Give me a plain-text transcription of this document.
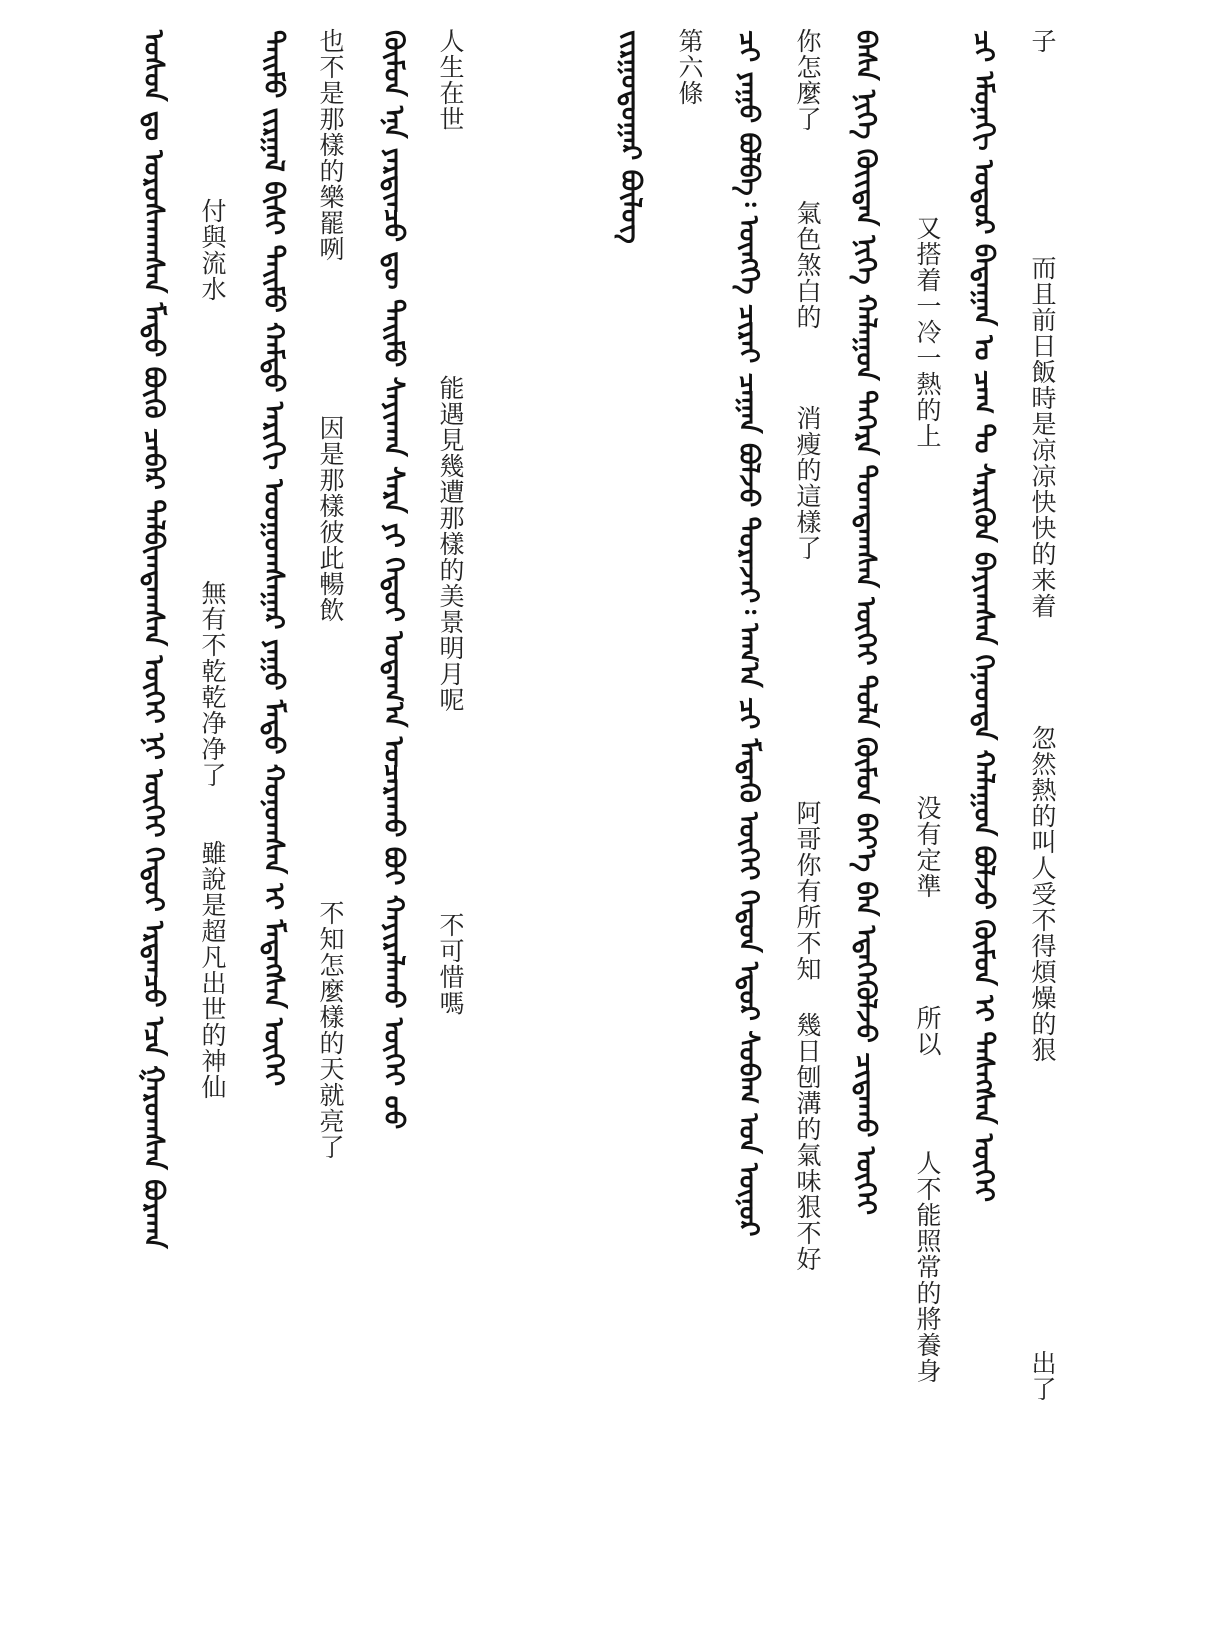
子
而且前日飯時是凉凉快快的来着
忽然熱的叫人受不得煩燥的狠
出了
ᠴᠢ ᠡᠮᠦᠨᠡᠬᠢ ᠤᠳᠤᠷ ᠪᠠᠳᠠᠭᠠᠨ ᠤ ᠴᠠᠭ ᠲᠤ ᠰᠡᠷᠢᠭᠦᠨ ᠪᠠᠶᠢᠭᠰᠠᠨ ᠭᠡᠨᠡᠳᠲᠡ ᠬᠠᠯᠠᠭᠤᠨ ᠪᠣᠯᠵᠤ ᠬᠦᠮᠦᠨ ᠢ ᠲᠡᠰᠡᠭᠰᠡᠨ ᠦᠭᠡᠢ
又搭着一冷一熱的上
没有定準
所以
人不能照常的將養身
ᠪᠠᠰᠠ ᠨᠢᠭᠡ ᠬᠦᠢᠲᠡᠨ ᠨᠢᠭᠡ ᠬᠠᠯᠠᠭᠤᠨ ᠳᠡᠭᠡᠷᠡ ᠲᠣᠭᠲᠠᠭᠰᠠᠨ ᠦᠭᠡᠢ ᠲᠤᠯᠠ ᠬᠦᠮᠦᠨ ᠪᠡᠶ᠎ᠡ ᠪᠡᠨ ᠡᠳᠡᠭᠡᠭᠦᠯᠵᠦ ᠴᠢᠳᠠᠬᠤ ᠦᠭᠡᠢ
你怎麼了
氣色煞白的
消瘦的這樣了
阿哥你有所不知 幾日刨溝的氣味狠不好
ᠴᠢ ᠶᠠᠭᠤ ᠪᠣᠯᠪᠠ᠄ ᠥᠩᠭᠡ ᠴᠢᠷᠠᠢ ᠴᠠᠭᠠᠨ ᠪᠣᠯᠵᠤ ᠲᠤᠷᠠᠵᠠᠢ᠄ ᠠᠬ᠎ᠠ ᠴᠢ ᠮᠡᠳᠡᠬᠦ ᠦᠭᠡᠢ ᠬᠡᠳᠦᠨ ᠡᠳᠦᠷ ᠰᠤᠪᠠᠭ ᠤᠨ ᠦᠨᠦᠷ
第六條
ᠵᠢᠷᠭᠤᠳᠤᠭᠠᠷ ᠪᠦᠯᠦᠭ
人生在世
能遇見幾遭那樣的美景明月呢
不可惜嗎
ᠬᠦᠮᠦᠨ ᠡᠨᠡ ᠶᠡᠷᠲᠢᠨᠴᠦ ᠳᠦ ᠲᠡᠢᠮᠦ ᠰᠠᠶᠢᠬᠠᠨ ᠰᠠᠷᠠ ᠶᠢ ᠬᠡᠳᠦᠢ ᠤᠳᠠᠭ᠎ᠠ ᠤᠴᠠᠷᠠᠬᠤ ᠪᠤᠢ ᠬᠠᠶᠢᠷᠠᠯᠠᠬᠤ ᠦᠭᠡᠢ ᠤᠤ
也不是那樣的樂罷咧
因是那樣彼此暢飲
不知怎麼樣的天就亮了
ᠲᠡᠢᠮᠦ ᠵᠢᠷᠭᠠᠯ ᠪᠢᠰᠢ ᠲᠡᠢᠮᠦ ᠬᠠᠮᠲᠤ ᠠᠷᠢᠬᠢ ᠤᠤᠭᠤᠭᠰᠠᠭᠠᠷ ᠶᠠᠭᠤ ᠮᠡᠲᠦ ᠬᠣᠨᠣᠭᠰᠠᠨ ᠢ ᠮᠡᠳᠡᠭᠰᠡᠨ ᠦᠭᠡᠢ
付與流水
無有不乾乾净净了
雖說是超凡出世的神仙
ᠤᠰᠤᠨ ᠳᠤ ᠤᠷᠤᠰᠬᠠᠭᠰᠠᠨ ᠮᠡᠲᠦ ᠪᠦᠬᠦ ᠴᠡᠪᠡᠷ ᠲᠠᠯᠪᠢᠭᠳᠠᠭᠰᠠᠨ ᠦᠭᠡᠢ ᠨᠢ ᠦᠭᠡᠢ ᠬᠡᠳᠦᠢ ᠡᠷᠲᠡᠨᠴᠦ ᠡᠴᠡ ᠭᠠᠷᠤᠭᠰᠠᠨ ᠪᠤᠷᠬᠠᠨ
